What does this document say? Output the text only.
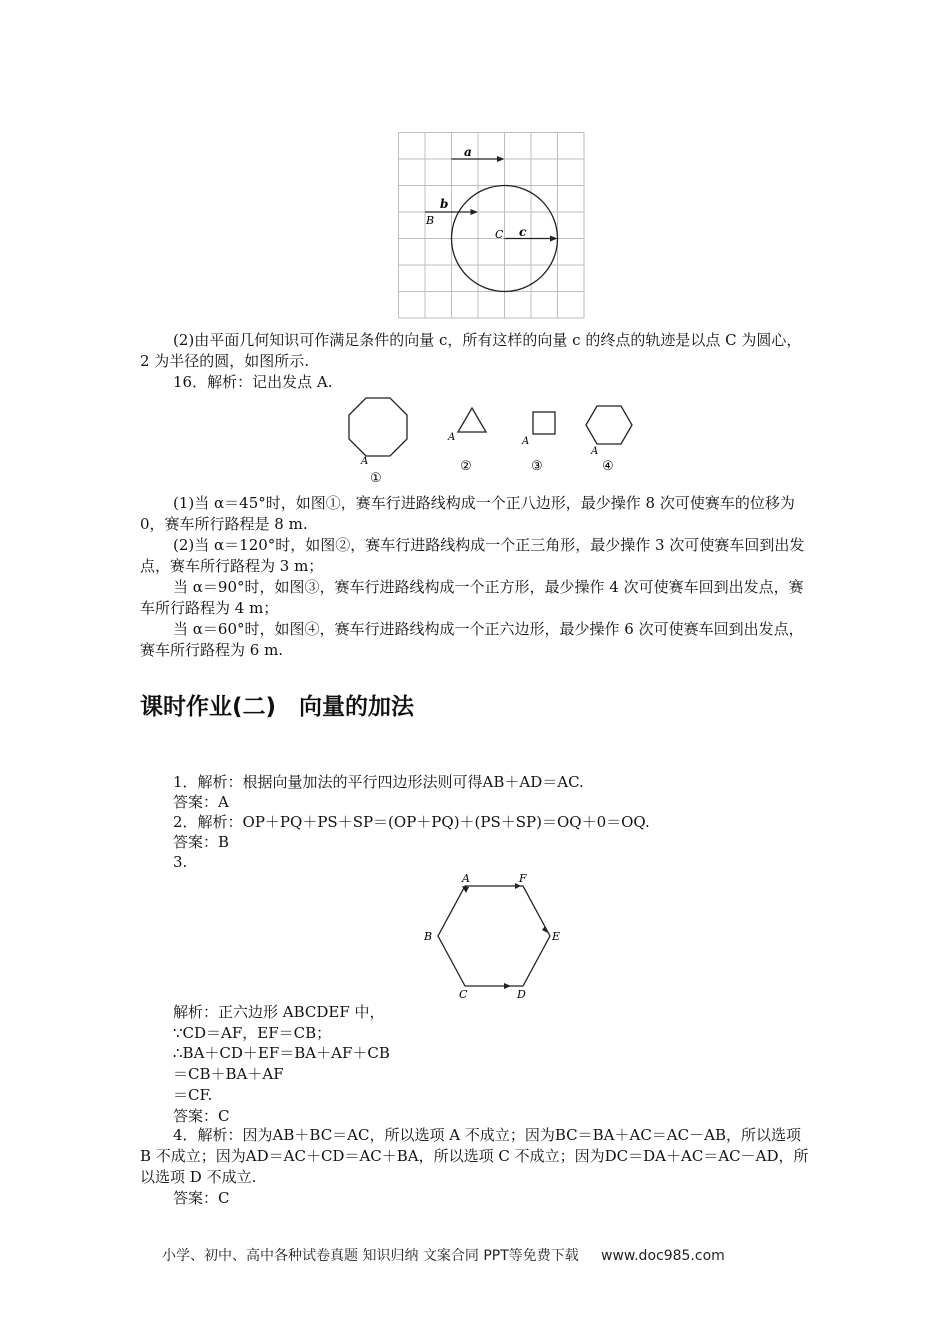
a
b
B
C c

(2)由平面几何知识可作满足条件的向量 c，所有这样的向量 c 的终点的轨迹是以点 C 为圆心，2 为半径的圆，如图所示.

16．解析：记出发点 A.

A
①
A
②
A
③
A
④

(1)当 α＝45°时，如图①，赛车行进路线构成一个正八边形，最少操作 8 次可使赛车的位移为 0，赛车所行路程是 8 m.

(2)当 α＝120°时，如图②，赛车行进路线构成一个正三角形，最少操作 3 次可使赛车回到出发点，赛车所行路程为 3 m；

当 α＝90°时，如图③，赛车行进路线构成一个正方形，最少操作 4 次可使赛车回到出发点，赛车所行路程为 4 m；

当 α＝60°时，如图④，赛车行进路线构成一个正六边形，最少操作 6 次可使赛车回到出发点，赛车所行路程为 6 m.

课时作业(二)　向量的加法

1．解析：根据向量加法的平行四边形法则可得AB＋AD＝AC.

答案：A

2．解析：OP＋PQ＋PS＋SP＝(OP＋PQ)＋(PS＋SP)＝OQ＋0＝OQ.

答案：B

3.

A	F
E
D
C
B

解析：正六边形 ABCDEF 中，

∵CD＝AF，EF＝CB；

∴BA＋CD＋EF＝BA＋AF＋CB

＝CB＋BA＋AF

＝CF.

答案：C

4．解析：因为AB＋BC＝AC，所以选项 A 不成立；因为BC＝BA＋AC＝AC－AB，所以选项 B 不成立；因为AD＝AC＋CD＝AC＋BA，所以选项 C 不成立；因为DC＝DA＋AC＝AC－AD，所以选项 D 不成立.

答案：C

小学、初中、高中各种试卷真题 知识归纳 文案合同 PPT等免费下载     www.doc985.com
